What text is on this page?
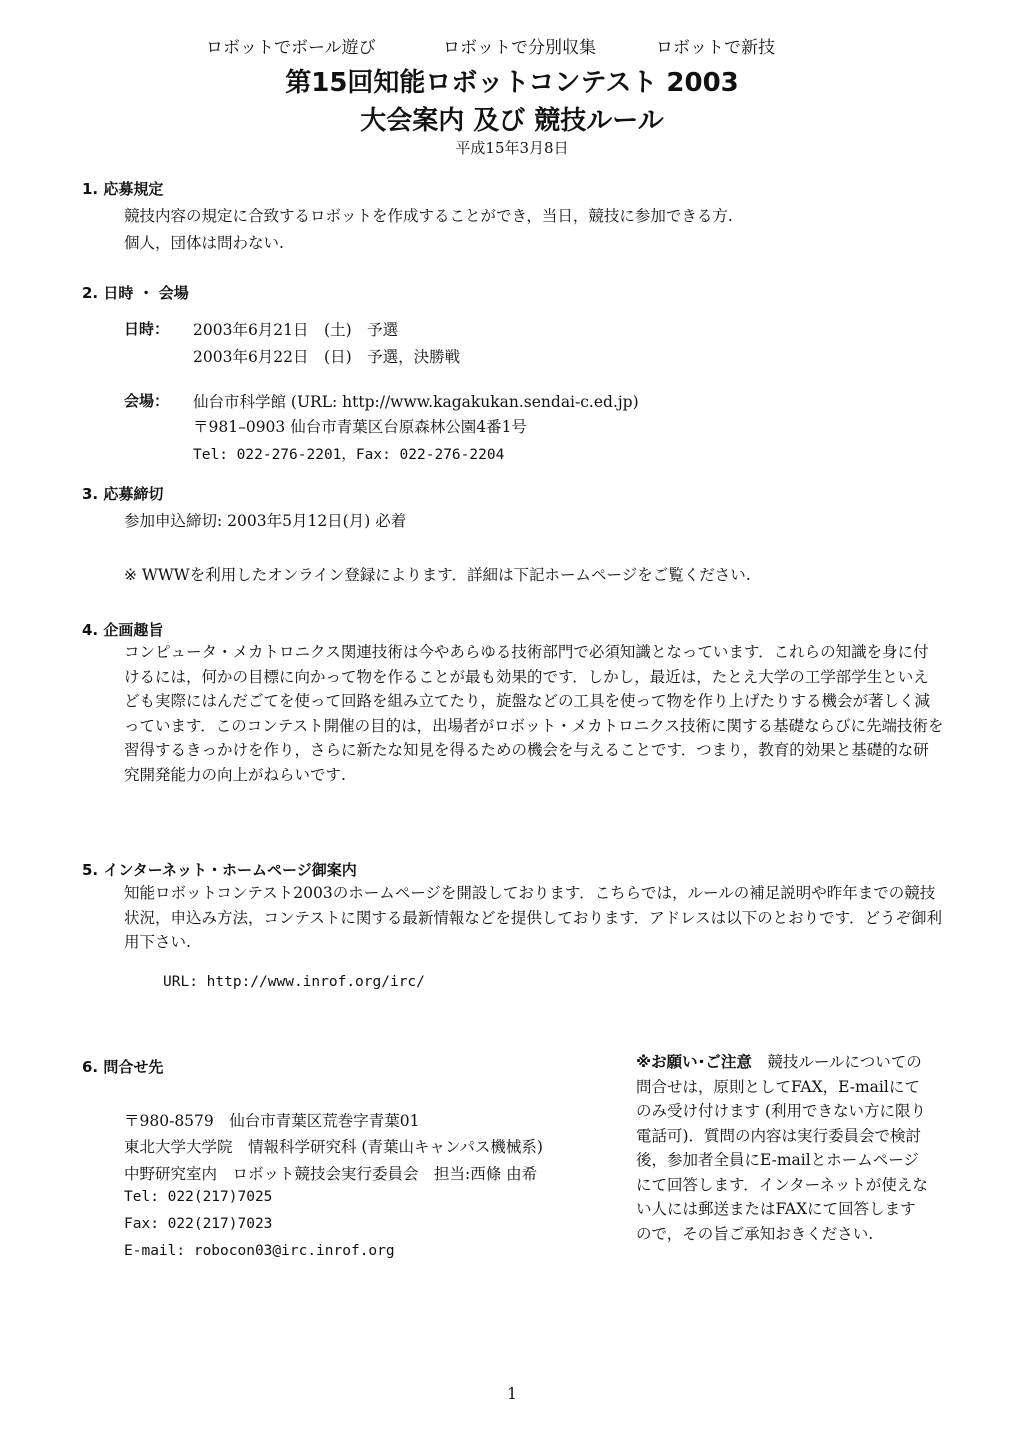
ロボットでボール遊び	ロボットで分別収集	ロボットで新技
第15回知能ロボットコンテスト 2003
大会案内 及び 競技ルール
平成15年3月8日
1. 応募規定
競技内容の規定に合致するロボットを作成することができ，当日，競技に参加できる方.
個人，団体は問わない.
2. 日時 ・ 会場
日時： 2003年6月21日　(土)　予選
2003年6月22日　(日)　予選，決勝戦
会場： 仙台市科学館 (URL: http://www.kagakukan.sendai-c.ed.jp)
〒981–0903 仙台市青葉区台原森林公園4番1号
Tel: 022-276-2201，Fax: 022-276-2204
3. 応募締切
参加申込締切: 2003年5月12日(月) 必着
※ WWWを利用したオンライン登録によります．詳細は下記ホームページをご覧ください.
4. 企画趣旨
コンピュータ・メカトロニクス関連技術は今やあらゆる技術部門で必須知識となっています．これらの知識を身に付けるには，何かの目標に向かって物を作ることが最も効果的です．しかし，最近は，たとえ大学の工学部学生といえども実際にはんだごてを使って回路を組み立てたり，旋盤などの工具を使って物を作り上げたりする機会が著しく減っています．このコンテスト開催の目的は，出場者がロボット・メカトロニクス技術に関する基礎ならびに先端技術を習得するきっかけを作り，さらに新たな知見を得るための機会を与えることです．つまり，教育的効果と基礎的な研究開発能力の向上がねらいです.
5. インターネット・ホームページ御案内
知能ロボットコンテスト2003のホームページを開設しております．こちらでは，ルールの補足説明や昨年までの競技状況，申込み方法，コンテストに関する最新情報などを提供しております．アドレスは以下のとおりです．どうぞ御利用下さい.
URL: http://www.inrof.org/irc/
6. 問合せ先
〒980-8579　仙台市青葉区荒巻字青葉01
東北大学大学院　情報科学研究科 (青葉山キャンパス機械系)
中野研究室内　ロボット競技会実行委員会　担当:西條 由希
Tel: 022(217)7025
Fax: 022(217)7023
E-mail: robocon03@irc.inrof.org
※お願い･ご注意　 競技ルールについての問合せは，原則としてFAX，E-mailにてのみ受け付けます (利用できない方に限り電話可)．質問の内容は実行委員会で検討後，参加者全員にE-mailとホームページにて回答します．インターネットが使えない人には郵送またはFAXにて回答しますので，その旨ご承知おきください.
1
